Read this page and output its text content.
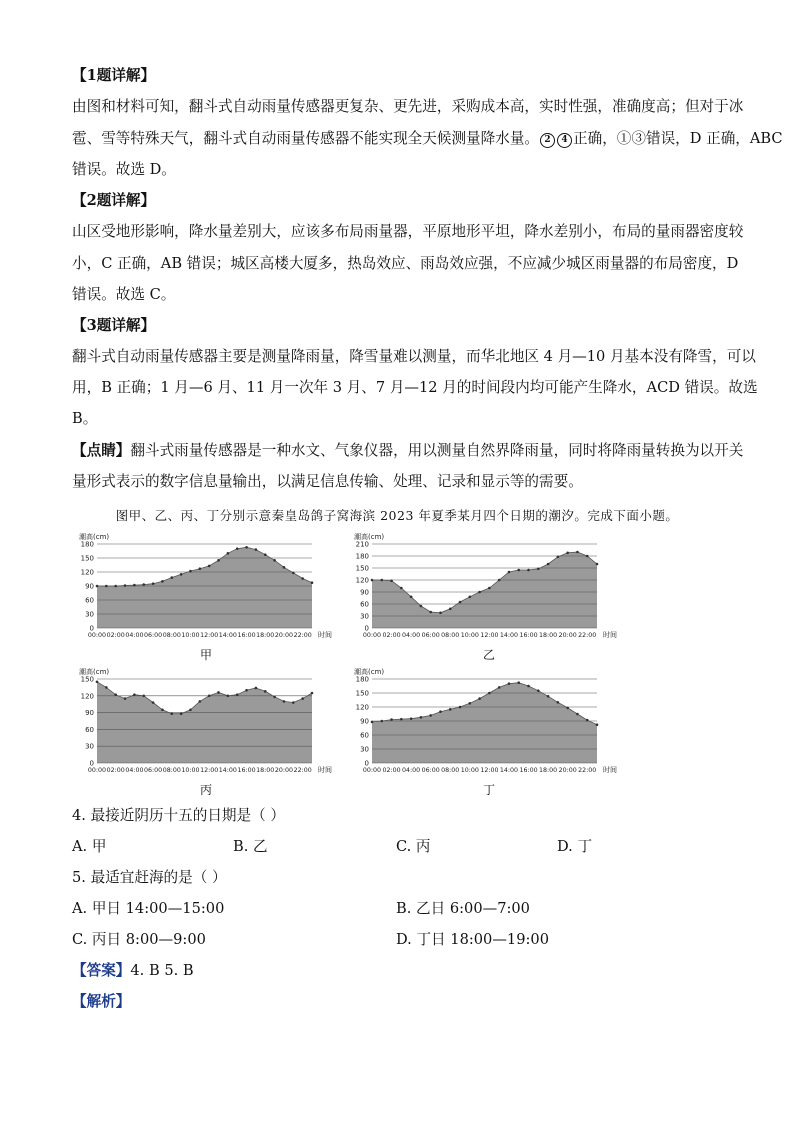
【1题详解】
由图和材料可知，翻斗式自动雨量传感器更复杂、更先进，采购成本高，实时性强，准确度高；但对于冰
雹、雪等特殊天气，翻斗式自动雨量传感器不能实现全天候测量降水量。 2 4 正确，①③错误，D 正确，ABC
错误。故选 D。
【2题详解】
山区受地形影响，降水量差别大，应该多布局雨量器，平原地形平坦，降水差别小，布局的量雨器密度较
小，C 正确，AB 错误；城区高楼大厦多，热岛效应、雨岛效应强，不应减少城区雨量器的布局密度，D
错误。故选 C。
【3题详解】
翻斗式自动雨量传感器主要是测量降雨量，降雪量难以测量，而华北地区 4 月—10 月基本没有降雪，可以
用，B 正确；1 月—6 月、11 月一次年 3 月、7 月—12 月的时间段内均可能产生降水，ACD 错误。故选
B。
【点睛】翻斗式雨量传感器是一种水文、气象仪器，用以测量自然界降雨量，同时将降雨量转换为以开关
量形式表示的数字信息量输出，以满足信息传输、处理、记录和显示等的需要。
图甲、乙、丙、丁分别示意秦皇岛鸽子窝海滨 2023 年夏季某月四个日期的潮汐。完成下面小题。
潮高(cm)
0
30
60
90
120
150
180
00:00 02:00 04:00 06:00 08:00 10:00 12:00 14:00 16:00 18:00 20:00 22:00 时间
甲
潮高(cm)
0
30
60
90
120
150
180
210
00:00 02:00 04:00 06:00 08:00 10:00 12:00 14:00 16:00 18:00 20:00 22:00 时间
乙
潮高(cm)
0
30
60
90
120
150
00:00 02:00 04:00 06:00 08:00 10:00 12:00 14:00 16:00 18:00 20:00 22:00 时间
丙
潮高(cm)
0
30
60
90
120
150
180
00:00 02:00 04:00 06:00 08:00 10:00 12:00 14:00 16:00 18:00 20:00 22:00 时间
丁
4. 最接近阴历十五的日期是（ ）
A. 甲	B. 乙	C. 丙	D. 丁
5. 最适宜赶海的是（ ）
A. 甲日 14:00—15:00	B. 乙日 6:00—7:00
C. 丙日 8:00—9:00	D. 丁日 18:00—19:00
【答案】4. B 5. B
【解析】
